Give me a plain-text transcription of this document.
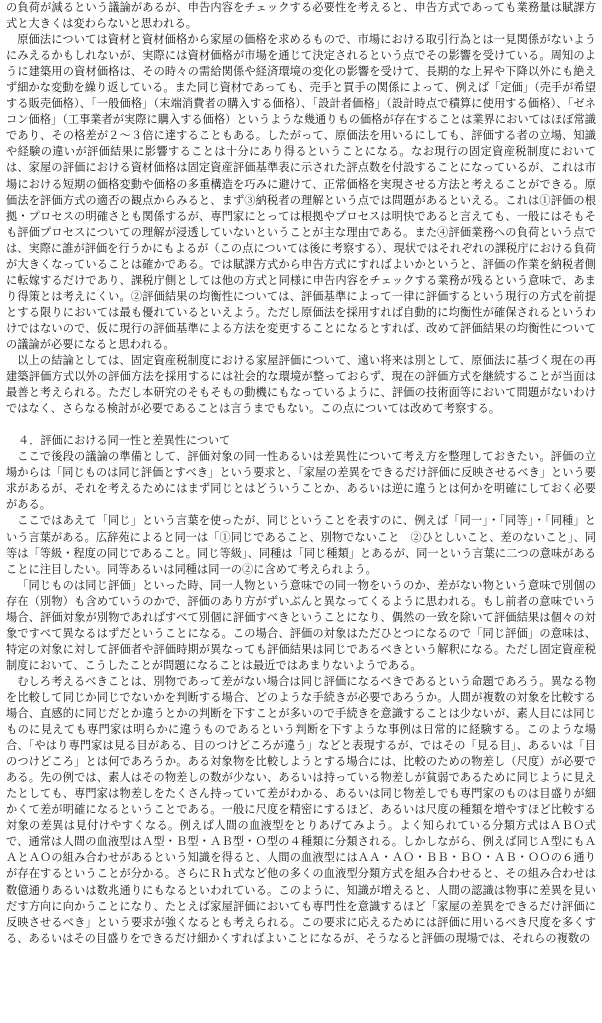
の負荷が減るという議論があるが、申告内容をチェックする必要性を考えると、申告方式であっても業務量は賦課方式と大きくは変わらないと思われる。

原価法については資材と資材価格から家屋の価格を求めるもので、市場における取引行為とは一見関係がないようにみえるかもしれないが、実際には資材価格が市場を通じて決定されるという点でその影響を受けている。周知のように建築用の資材価格は、その時々の需給関係や経済環境の変化の影響を受けて、長期的な上昇や下降以外にも絶えず細かな変動を繰り返している。また同じ資材であっても、売手と買手の関係によって、例えば「定価」（売手が希望する販売価格）、「一般価格」（末端消費者の購入する価格）、「設計者価格」（設計時点で積算に使用する価格）、「ゼネコン価格」（工事業者が実際に購入する価格）というような幾通りもの価格が存在することは業界においてはほぼ常識であり、その格差が２～３倍に達することもある。したがって、原価法を用いるにしても、評価する者の立場、知識や経験の違いが評価結果に影響することは十分にあり得るということになる。なお現行の固定資産税制度においては、家屋の評価における資材価格は固定資産評価基準表に示された評点数を付設することになっているが、これは市場における短期の価格変動や価格の多重構造を巧みに避けて、正常価格を実現させる方法と考えることができる。原価法を評価方式の適否の観点からみると、まず③納税者の理解という点では問題があるといえる。これは①評価の根拠・プロセスの明確さとも関係するが、専門家にとっては根拠やプロセスは明快であると言えても、一般にはそもそも評価プロセスについての理解が浸透していないということが主な理由である。また④評価業務への負荷という点では、実際に誰が評価を行うかにもよるが（この点については後に考察する）、現状ではそれぞれの課税庁における負荷が大きくなっていることは確かである。では賦課方式から申告方式にすればよいかというと、評価の作業を納税者側に転嫁するだけであり、課税庁側としては他の方式と同様に申告内容をチェックする業務が残るという意味で、あまり得策とは考えにくい。②評価結果の均衡性については、評価基準によって一律に評価するという現行の方式を前提とする限りにおいては最も優れているといえよう。ただし原価法を採用すれば自動的に均衡性が確保されるというわけではないので、仮に現行の評価基準による方法を変更することになるとすれば、改めて評価結果の均衡性についての議論が必要になると思われる。

以上の結論としては、固定資産税制度における家屋評価について、遠い将来は別として、原価法に基づく現在の再建築評価方式以外の評価方法を採用するには社会的な環境が整っておらず、現在の評価方式を継続することが当面は最善と考えられる。ただし本研究のそもそもの動機にもなっているように、評価の技術面等において問題がないわけではなく、さらなる検討が必要であることは言うまでもない。この点については改めて考察する。

４．評価における同一性と差異性について

ここで後段の議論の準備として、評価対象の同一性あるいは差異性について考え方を整理しておきたい。評価の立場からは「同じものは同じ評価とすべき」という要求と、「家屋の差異をできるだけ評価に反映させるべき」という要求があるが、それを考えるためにはまず同じとはどういうことか、あるいは逆に違うとは何かを明確にしておく必要がある。

ここではあえて「同じ」という言葉を使ったが、同じということを表すのに、例えば「同一」・「同等」・「同種」という言葉がある。広辞苑によると同一は「①同じであること、別物でないこと　②ひとしいこと、差のないこと」、同等は「等級・程度の同じであること。同じ等級」、同種は「同じ種類」とあるが、同一という言葉に二つの意味があることに注目したい。同等あるいは同種は同一の②に含めて考えられよう。

「同じものは同じ評価」といった時、同一人物という意味での同一物をいうのか、差がない物という意味で別個の存在（別物）も含めていうのかで、評価のあり方がずいぶんと異なってくるように思われる。もし前者の意味でいう場合、評価対象が別物であればすべて別個に評価すべきということになり、偶然の一致を除いて評価結果は個々の対象ですべて異なるはずだということになる。この場合、評価の対象はただひとつになるので「同じ評価」の意味は、特定の対象に対して評価者や評価時期が異なっても評価結果は同じであるべきという解釈になる。ただし固定資産税制度において、こうしたことが問題になることは最近ではあまりないようである。

むしろ考えるべきことは、別物であって差がない場合は同じ評価になるべきであるという命題であろう。異なる物を比較して同じか同じでないかを判断する場合、どのような手続きが必要であろうか。人間が複数の対象を比較する場合、直感的に同じだとか違うとかの判断を下すことが多いので手続きを意識することは少ないが、素人目には同じものに見えても専門家は明らかに違うものであるという判断を下すような事例は日常的に経験する。このような場合、「やはり専門家は見る目がある、目のつけどころが違う」などと表現するが、ではその「見る目」、あるいは「目のつけどころ」とは何であろうか。ある対象物を比較しようとする場合には、比較のための物差し（尺度）が必要である。先の例では、素人はその物差しの数が少ない、あるいは持っている物差しが貧弱であるために同じように見えたとしても、専門家は物差しをたくさん持っていて差がわかる、あるいは同じ物差しでも専門家のものは目盛りが細かくて差が明確になるということである。一般に尺度を精密にするほど、あるいは尺度の種類を増やすほど比較する対象の差異は見付けやすくなる。例えば人間の血液型をとりあげてみよう。よく知られている分類方式はＡＢＯ式で、通常は人間の血液型はＡ型・Ｂ型・ＡＢ型・Ｏ型の４種類に分類される。しかしながら、例えば同じＡ型にもＡＡとＡＯの組み合わせがあるという知識を得ると、人間の血液型にはＡＡ・ＡＯ・ＢＢ・ＢＯ・ＡＢ・ＯＯの６通りが存在するということが分かる。さらにＲｈ式など他の多くの血液型分類方式を組み合わせると、その組み合わせは数億通りあるいは数兆通りにもなるといわれている。このように、知識が増えると、人間の認識は物事に差異を見いだす方向に向かうことになり、たとえば家屋評価においても専門性を意識するほど「家屋の差異をできるだけ評価に反映させるべき」という要求が強くなるとも考えられる。この要求に応えるためには評価に用いるべき尺度を多くする、あるいはその目盛りをできるだけ細かくすればよいことになるが、そうなると評価の現場では、それらの複数の
